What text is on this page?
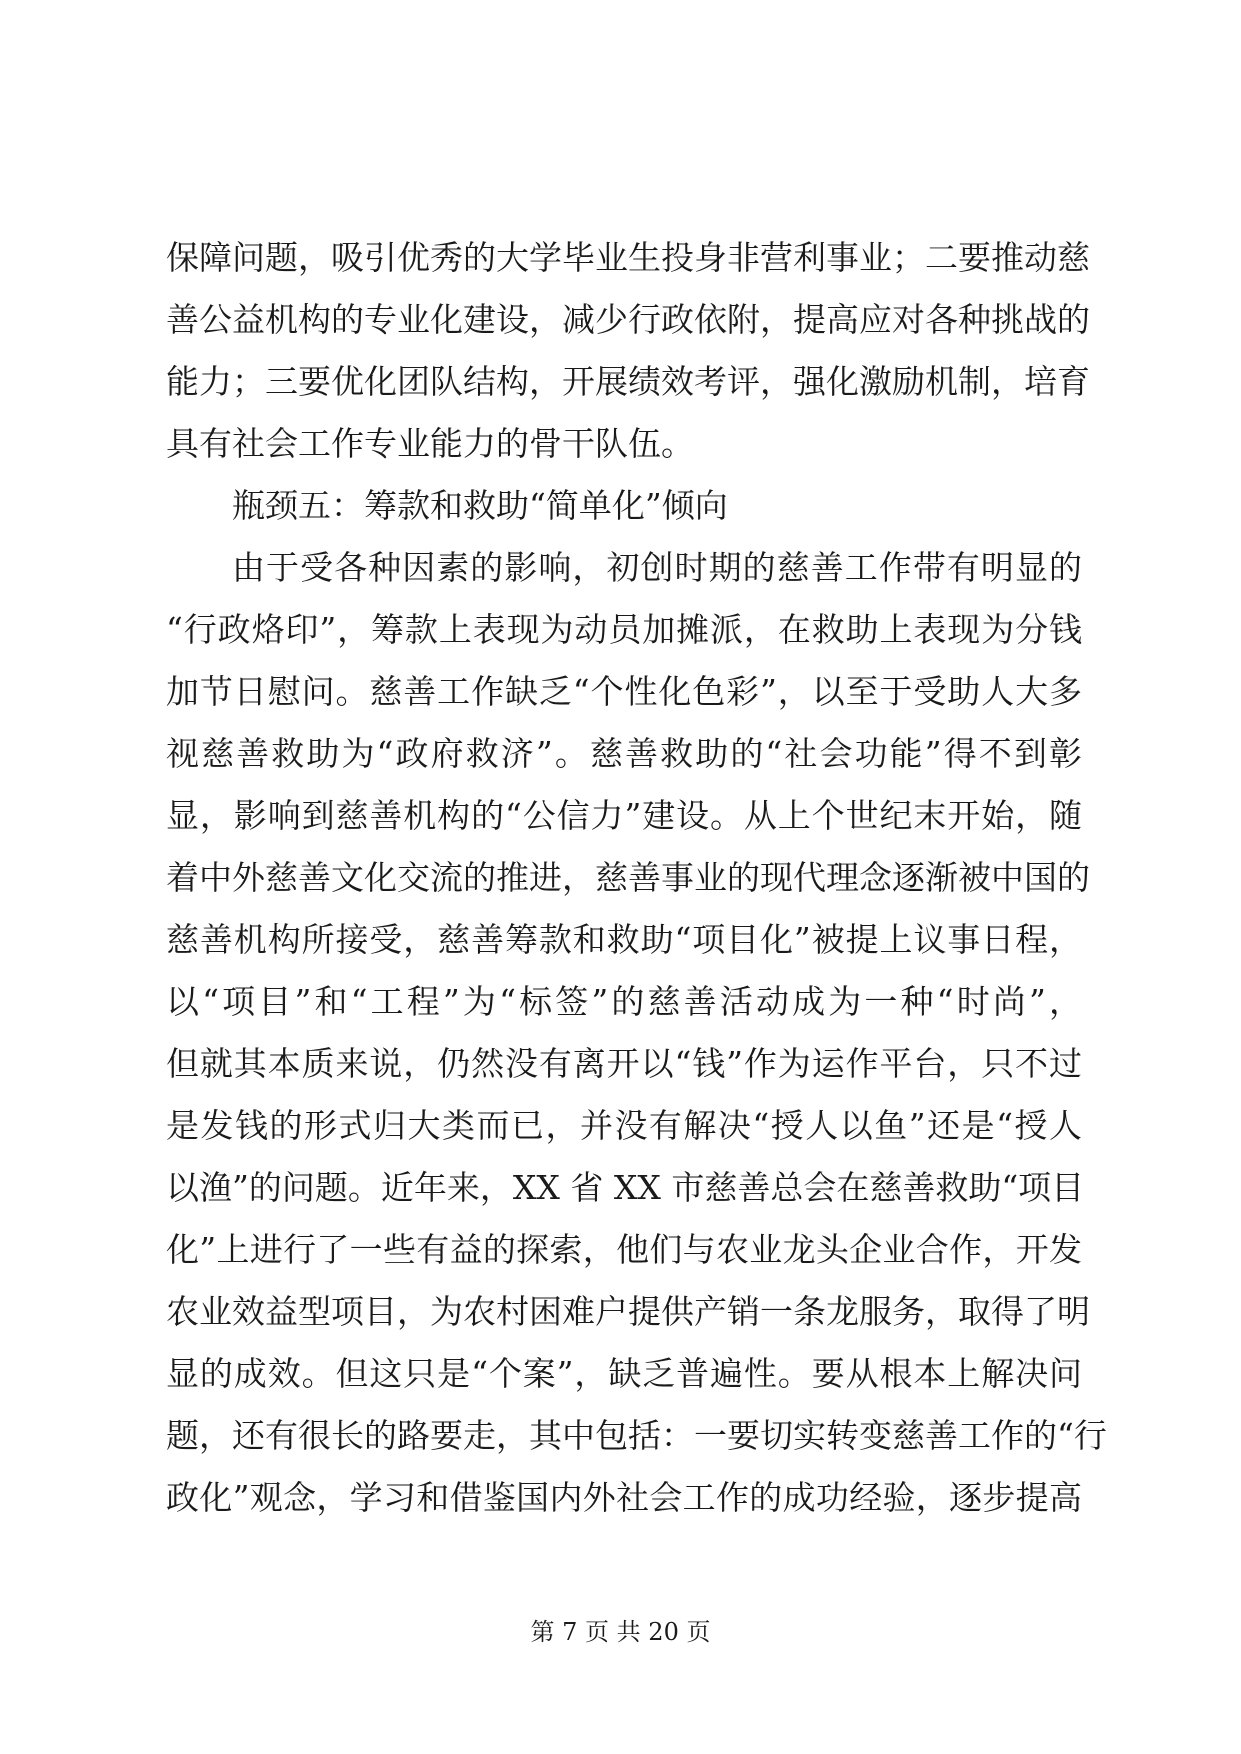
保障问题，吸引优秀的大学毕业生投身非营利事业；二要推动慈
善公益机构的专业化建设，减少行政依附，提高应对各种挑战的
能力；三要优化团队结构，开展绩效考评，强化激励机制，培育
具有社会工作专业能力的骨干队伍。
瓶颈五：筹款和救助“简单化”倾向
由于受各种因素的影响，初创时期的慈善工作带有明显的
“行政烙印”，筹款上表现为动员加摊派，在救助上表现为分钱
加节日慰问。慈善工作缺乏“个性化色彩”，以至于受助人大多
视慈善救助为“政府救济”。慈善救助的“社会功能”得不到彰
显，影响到慈善机构的“公信力”建设。从上个世纪末开始，随
着中外慈善文化交流的推进，慈善事业的现代理念逐渐被中国的
慈善机构所接受，慈善筹款和救助“项目化”被提上议事日程，
以“项目”和“工程”为“标签”的慈善活动成为一种“时尚”，
但就其本质来说，仍然没有离开以“钱”作为运作平台，只不过
是发钱的形式归大类而已，并没有解决“授人以鱼”还是“授人
以渔”的问题。近年来，XX 省 XX 市慈善总会在慈善救助“项目
化”上进行了一些有益的探索，他们与农业龙头企业合作，开发
农业效益型项目，为农村困难户提供产销一条龙服务，取得了明
显的成效。但这只是“个案”，缺乏普遍性。要从根本上解决问
题，还有很长的路要走，其中包括：一要切实转变慈善工作的“行
政化”观念，学习和借鉴国内外社会工作的成功经验，逐步提高
第 7 页 共 20 页
